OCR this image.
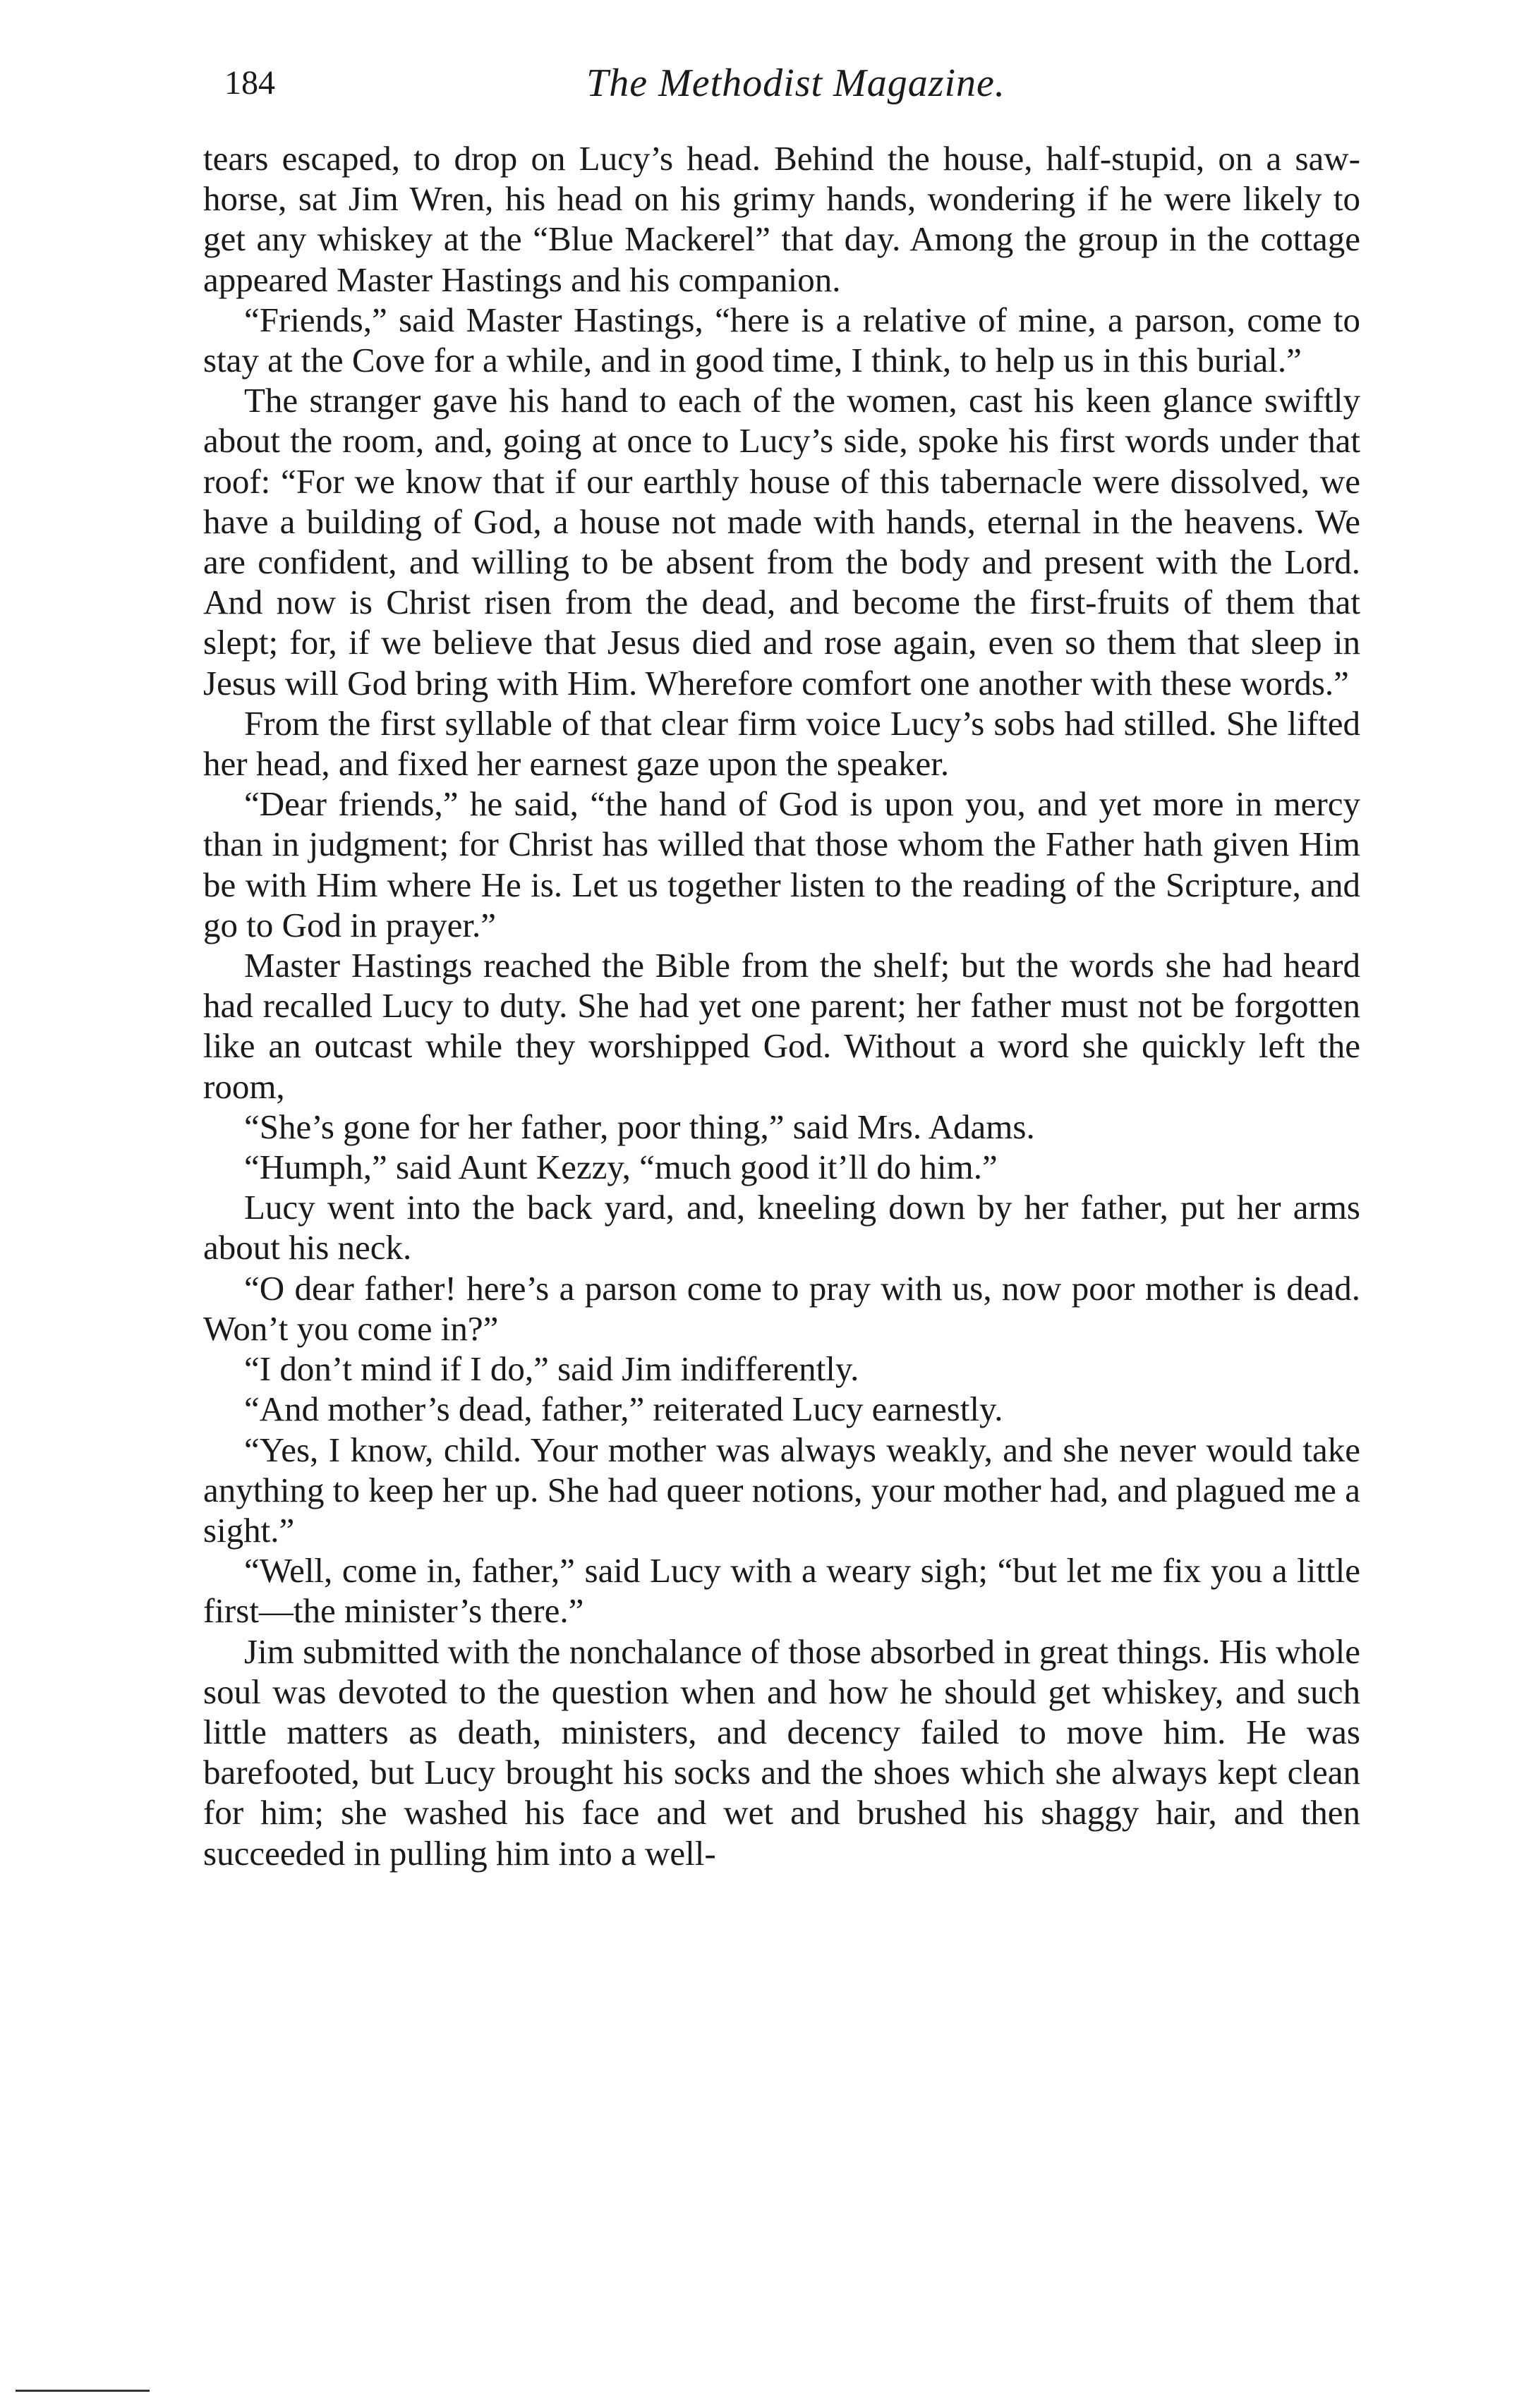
184	The Methodist Magazine.

tears escaped, to drop on Lucy’s head. Behind the house, half-stupid, on a saw-horse, sat Jim Wren, his head on his grimy hands, wondering if he were likely to get any whiskey at the “Blue Mackerel” that day. Among the group in the cottage appeared Master Hastings and his companion.

“Friends,” said Master Hastings, “here is a relative of mine, a parson, come to stay at the Cove for a while, and in good time, I think, to help us in this burial.”

The stranger gave his hand to each of the women, cast his keen glance swiftly about the room, and, going at once to Lucy’s side, spoke his first words under that roof: “For we know that if our earthly house of this tabernacle were dissolved, we have a building of God, a house not made with hands, eternal in the heavens. We are confident, and willing to be absent from the body and present with the Lord. And now is Christ risen from the dead, and become the first-fruits of them that slept; for, if we believe that Jesus died and rose again, even so them that sleep in Jesus will God bring with Him. Wherefore comfort one another with these words.”

From the first syllable of that clear firm voice Lucy’s sobs had stilled. She lifted her head, and fixed her earnest gaze upon the speaker.

“Dear friends,” he said, “the hand of God is upon you, and yet more in mercy than in judgment; for Christ has willed that those whom the Father hath given Him be with Him where He is. Let us together listen to the reading of the Scripture, and go to God in prayer.”

Master Hastings reached the Bible from the shelf; but the words she had heard had recalled Lucy to duty. She had yet one parent; her father must not be forgotten like an outcast while they worshipped God. Without a word she quickly left the room,

“She’s gone for her father, poor thing,” said Mrs. Adams.

“Humph,” said Aunt Kezzy, “much good it’ll do him.”

Lucy went into the back yard, and, kneeling down by her father, put her arms about his neck.

“O dear father! here’s a parson come to pray with us, now poor mother is dead. Won’t you come in?”

“I don’t mind if I do,” said Jim indifferently.

“And mother’s dead, father,” reiterated Lucy earnestly.

“Yes, I know, child. Your mother was always weakly, and she never would take anything to keep her up. She had queer notions, your mother had, and plagued me a sight.”

“Well, come in, father,” said Lucy with a weary sigh; “but let me fix you a little first—the minister’s there.”

Jim submitted with the nonchalance of those absorbed in great things. His whole soul was devoted to the question when and how he should get whiskey, and such little matters as death, ministers, and decency failed to move him. He was barefooted, but Lucy brought his socks and the shoes which she always kept clean for him; she washed his face and wet and brushed his shaggy hair, and then succeeded in pulling him into a well-
